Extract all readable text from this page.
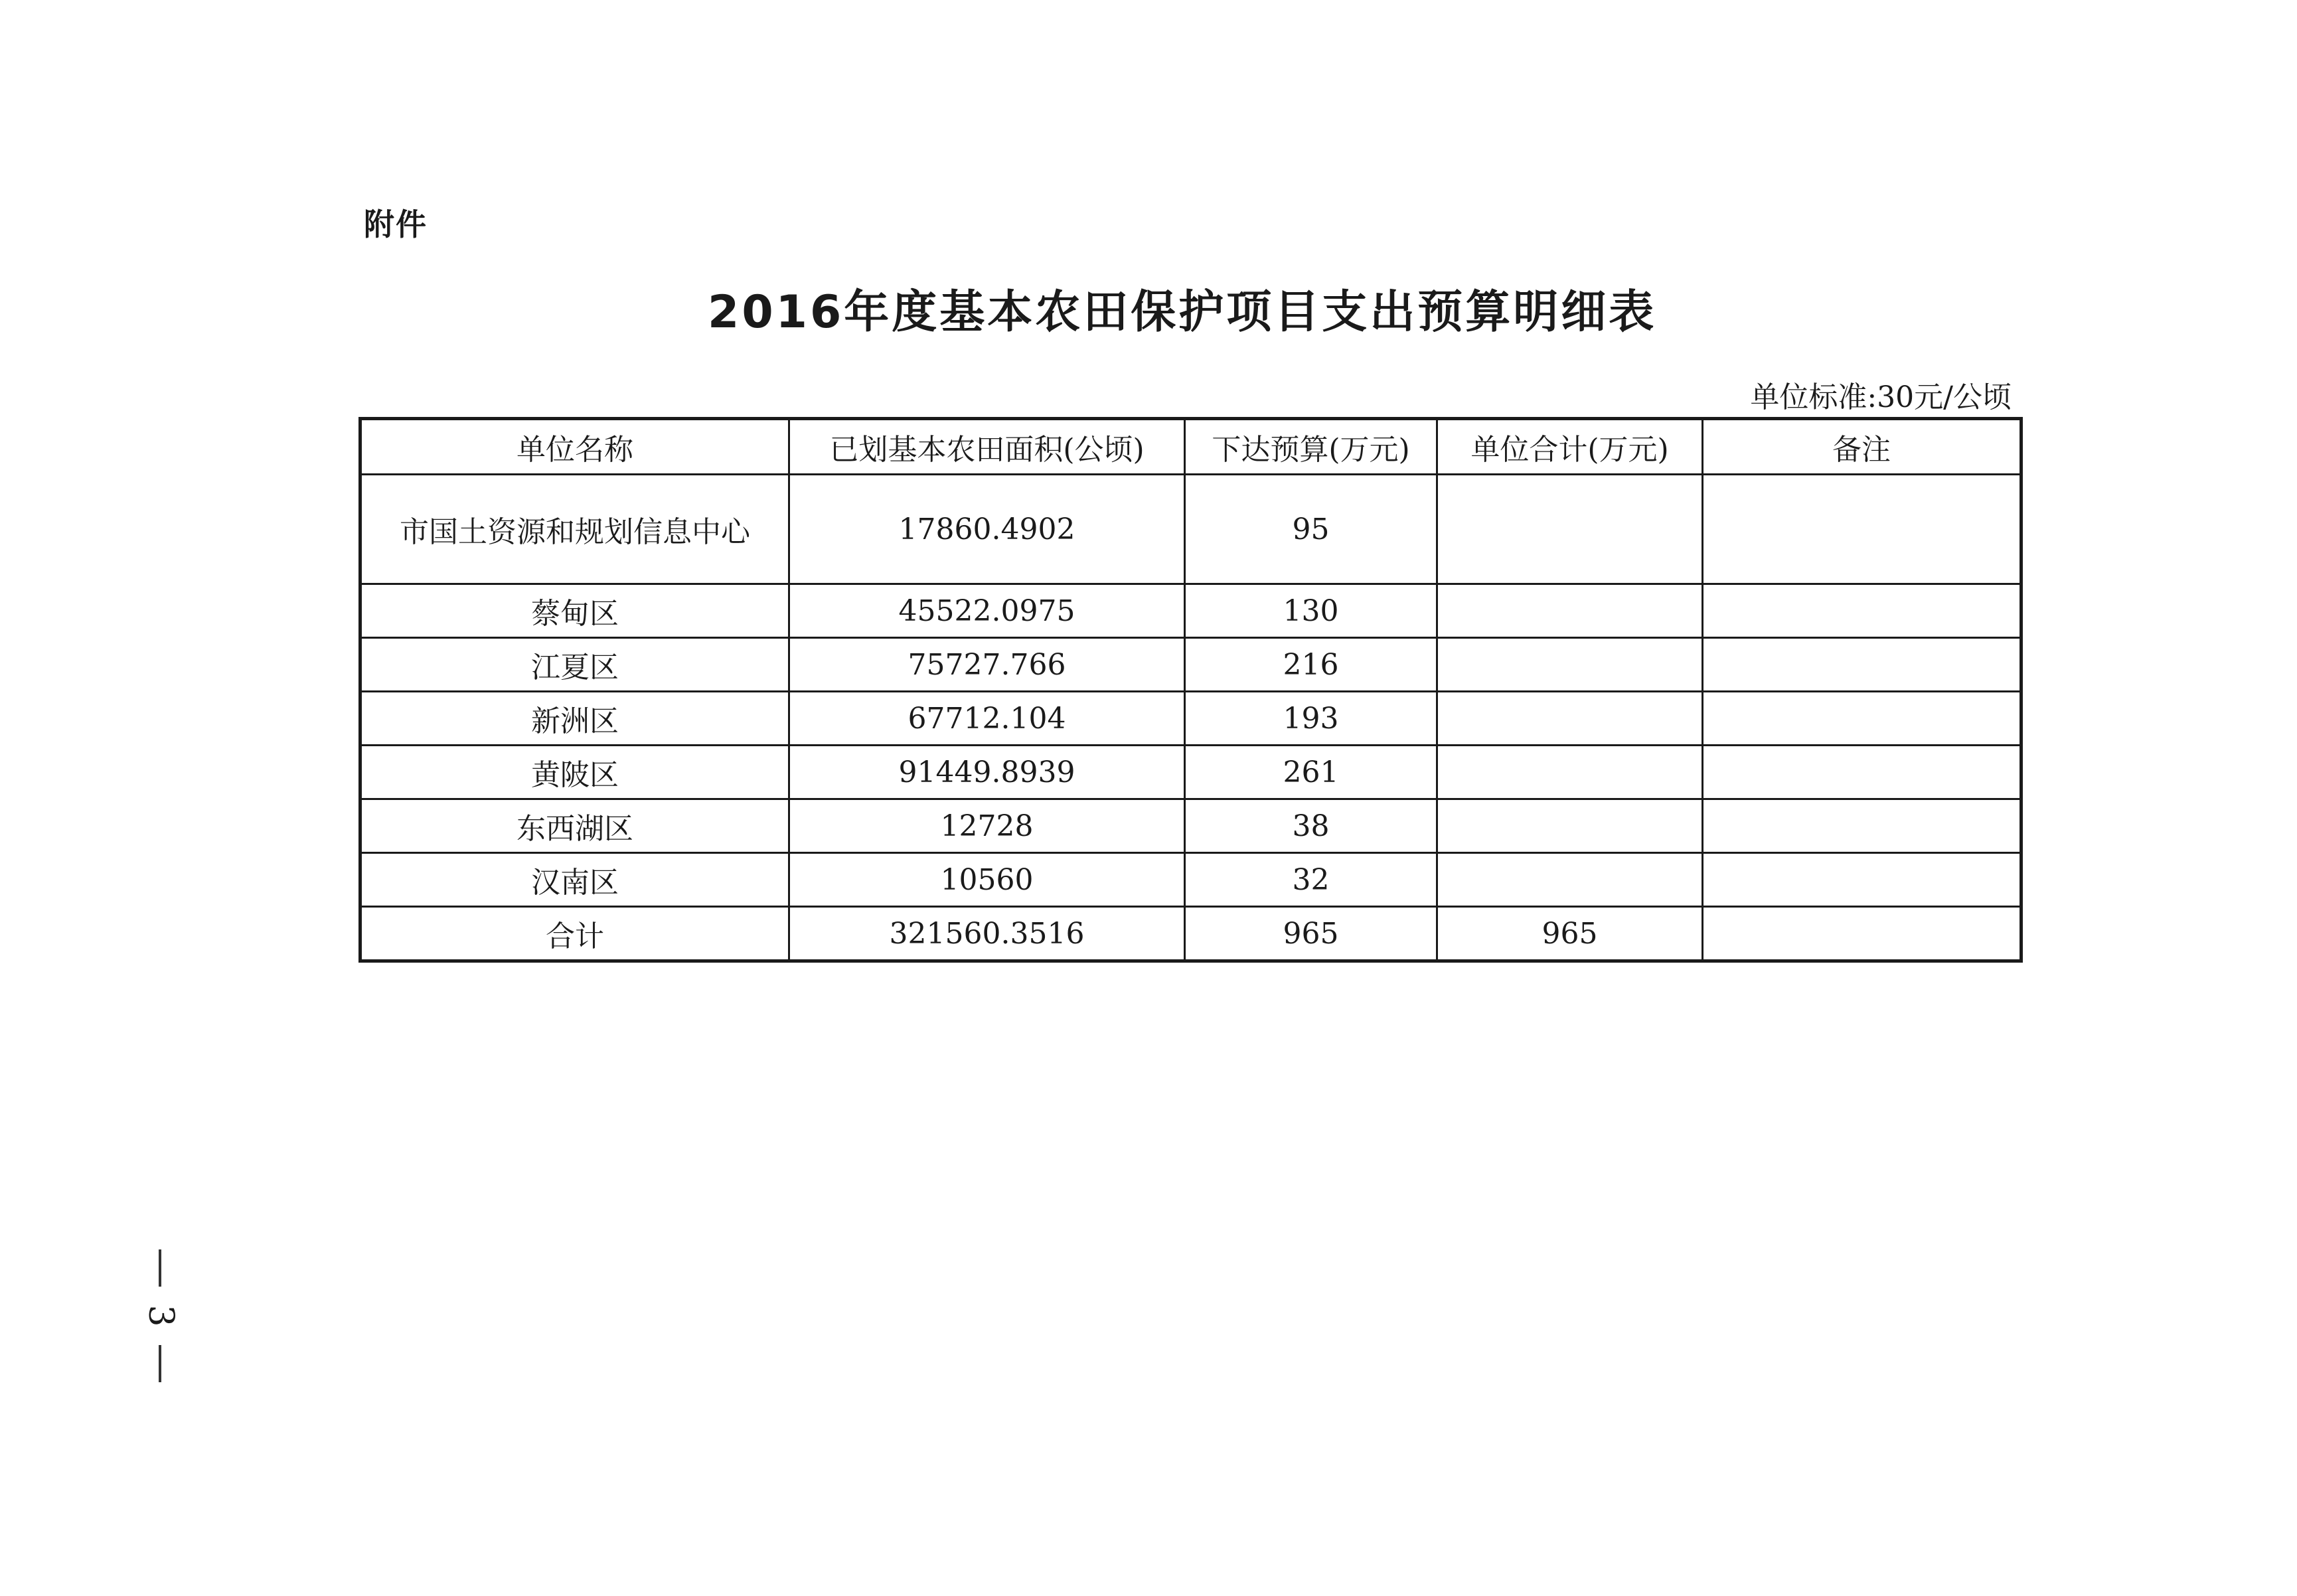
附件
2016年度基本农田保护项目支出预算明细表
单位标准:30元/公顷
单位名称	已划基本农田面积(公顷)	下达预算(万元)	单位合计(万元)	备注
市国土资源和规划信息中心	17860.4902	95		
蔡甸区	45522.0975	130		
江夏区	75727.766	216		
新洲区	67712.104	193		
黄陂区	91449.8939	261		
东西湖区	12728	38		
汉南区	10560	32		
合计	321560.3516	965	965	
3
